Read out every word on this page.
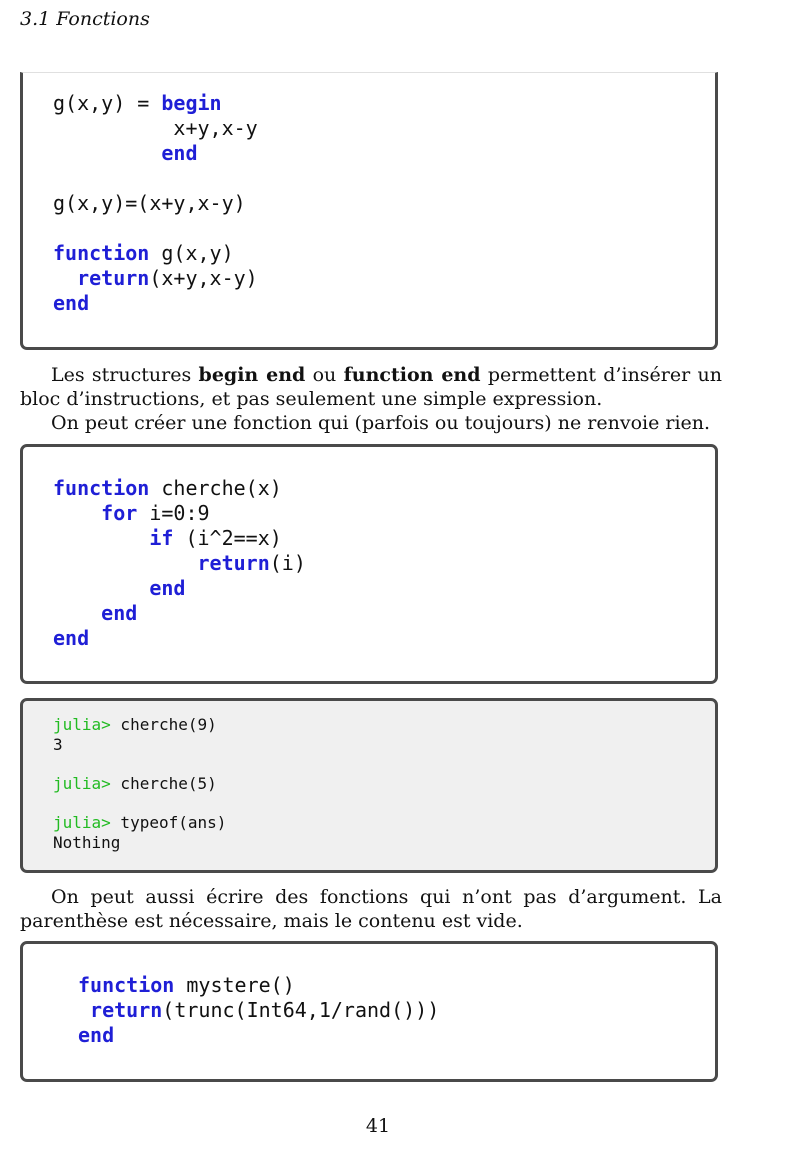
3.1 Fonctions
g(x,y) = begin
x+y,x-y
end

g(x,y)=(x+y,x-y)

function g(x,y)
return(x+y,x-y)
end

Les structures begin end ou function end permettent d’insérer un bloc d’instructions, et pas seulement une simple expression.

On peut créer une fonction qui (parfois ou toujours) ne renvoie rien.

function cherche(x)
for i=0:9
if (i^2==x)
return(i)
end
end
end
julia> cherche(9)
3

julia> cherche(5)

julia> typeof(ans)
Nothing

On peut aussi écrire des fonctions qui n’ont pas d’argument. La parenthèse est nécessaire, mais le contenu est vide.

function mystere()
return(trunc(Int64,1/rand()))
end
41
